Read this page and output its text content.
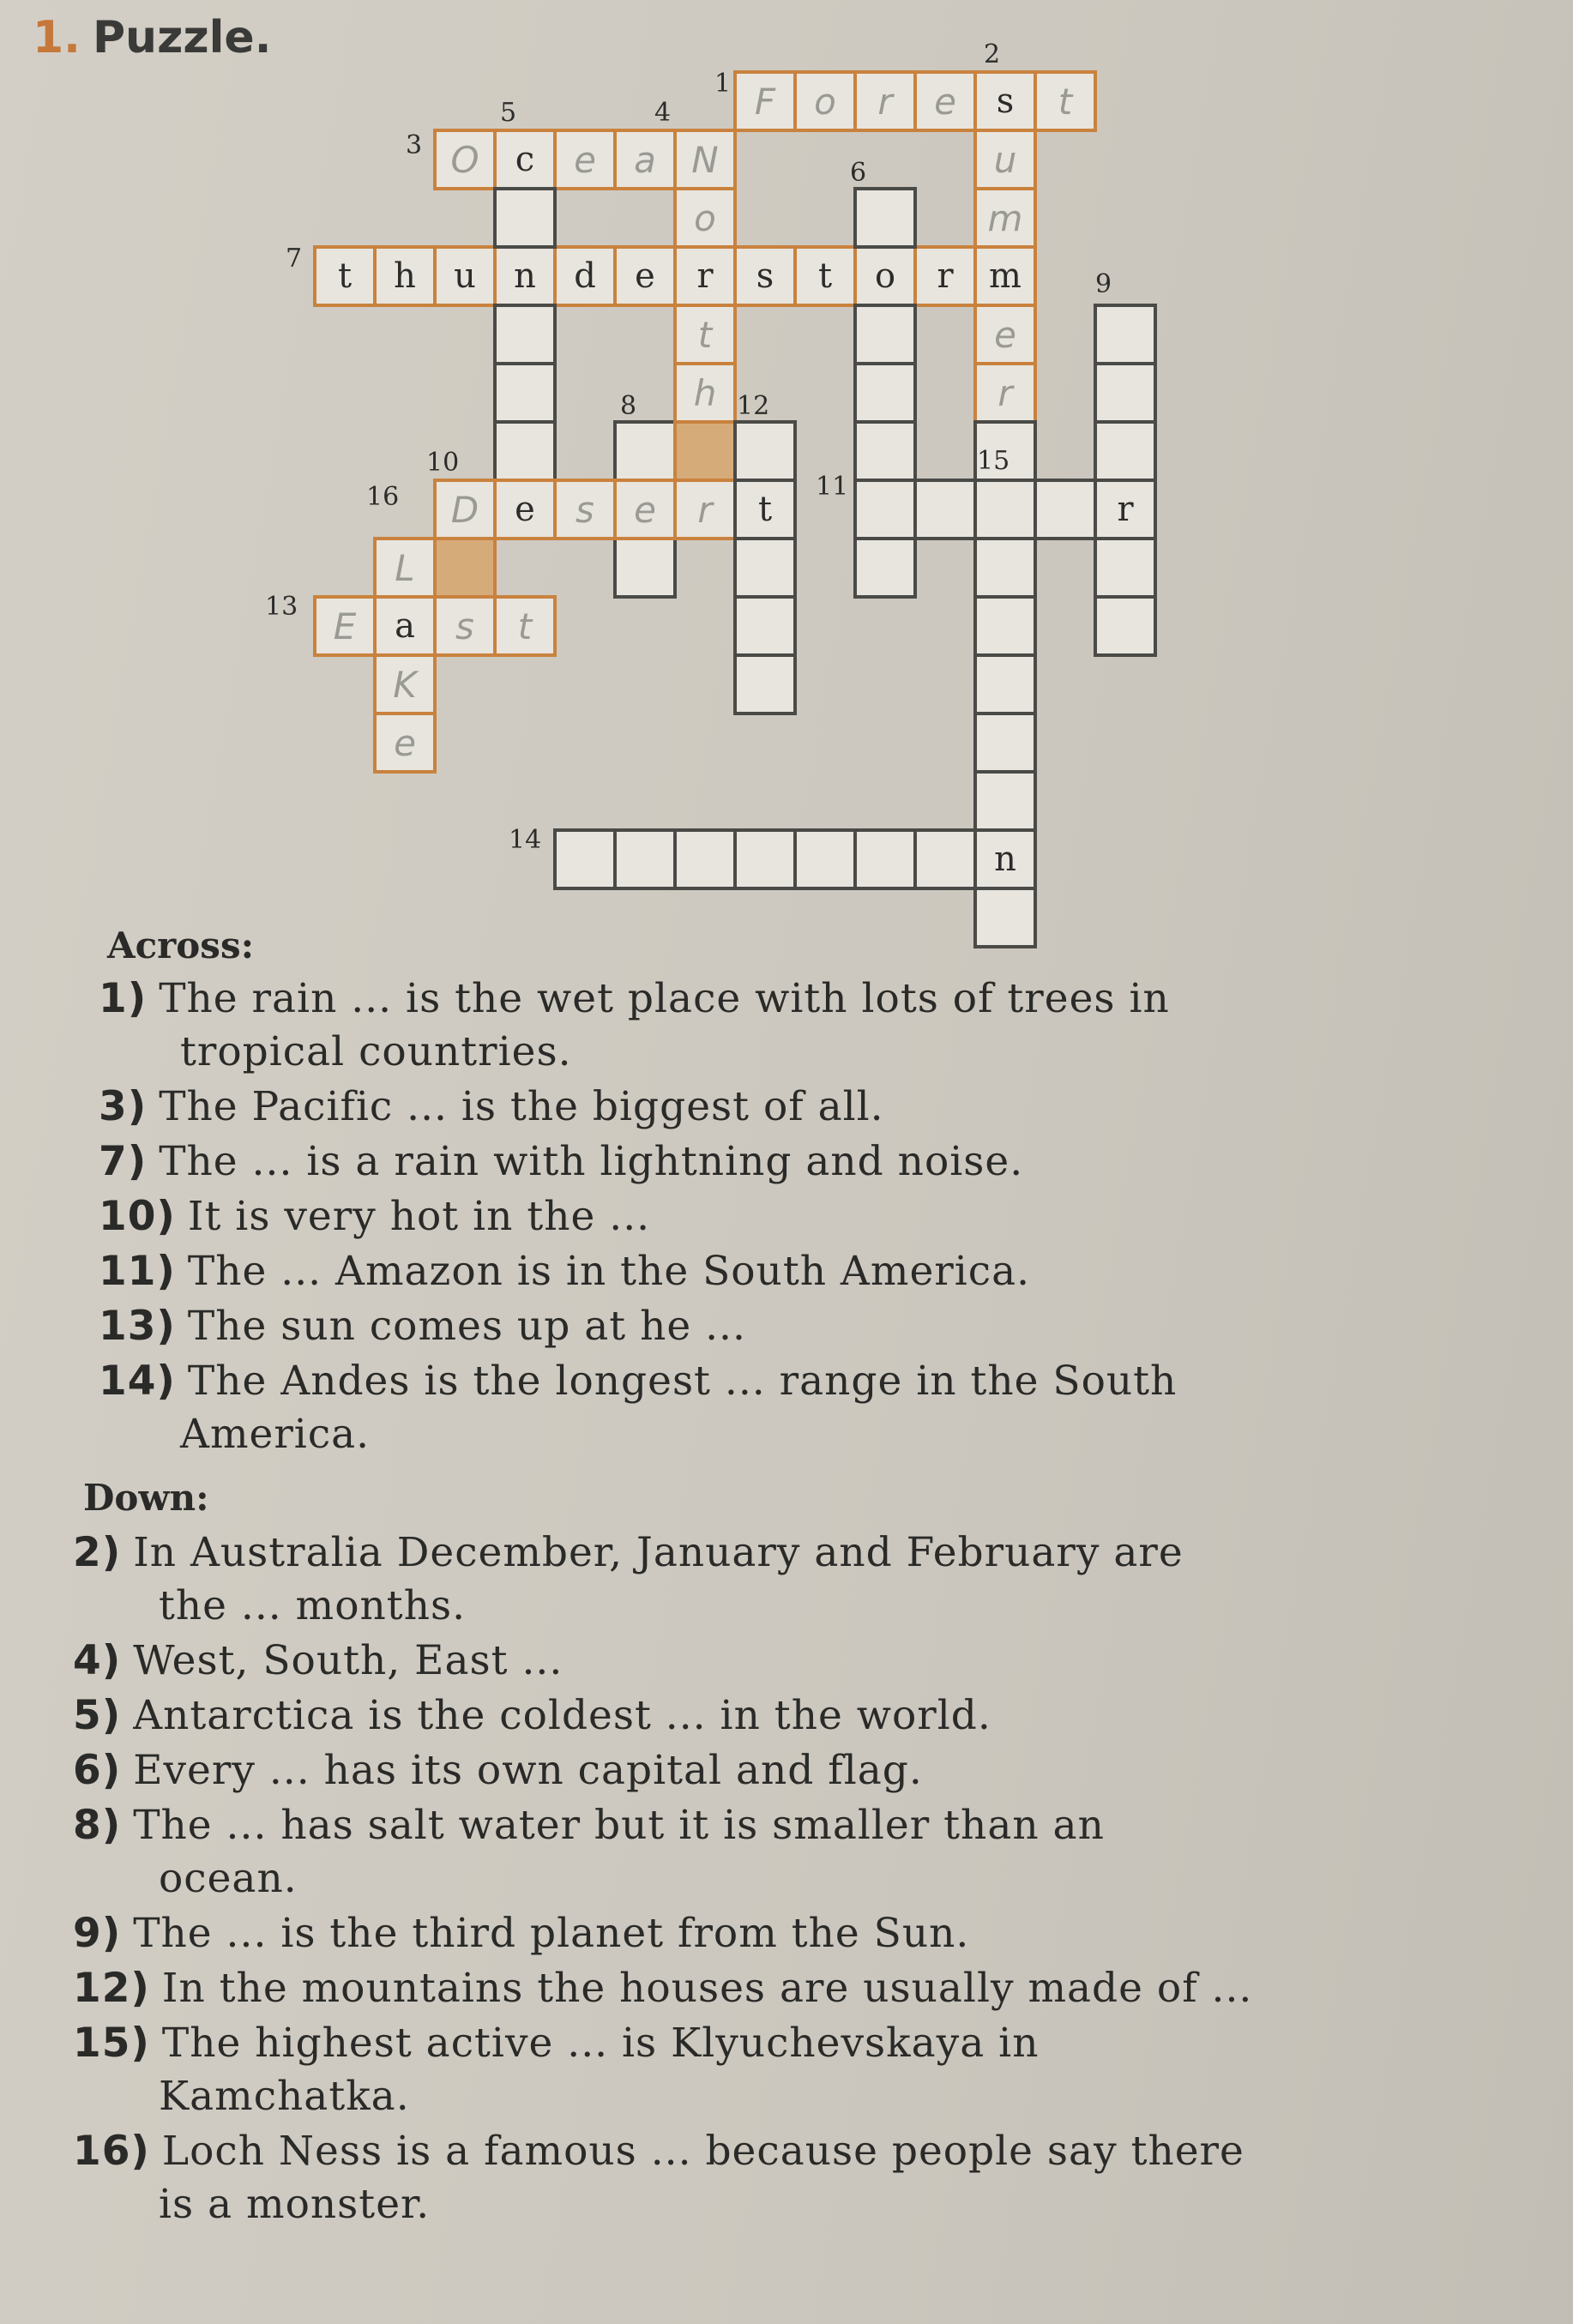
1. Puzzle.
F o r e s t
O c e a N
o
t
h
u
m
e
r
t h u n d e r s t o r m
D e s e r t	r
n
L
K
e
E a s t
1
2
3
4
5
6
7
8
9
10
11
12
13
14
15
16
Across:
1) The rain ... is the wet place with lots of trees in
tropical countries.
3) The Pacific ... is the biggest of all.
7) The ... is a rain with lightning and noise.
10) It is very hot in the ...
11) The ... Amazon is in the South America.
13) The sun comes up at he ...
14) The Andes is the longest ... range in the South
America.
Down:
2) In Australia December, January and February are
the ... months.
4) West, South, East ...
5) Antarctica is the coldest ... in the world.
6) Every ... has its own capital and flag.
8) The ... has salt water but it is smaller than an
ocean.
9) The ... is the third planet from the Sun.
12) In the mountains the houses are usually made of ...
15) The highest active ... is Klyuchevskaya in
Kamchatka.
16) Loch Ness is a famous ... because people say there
is a monster.
